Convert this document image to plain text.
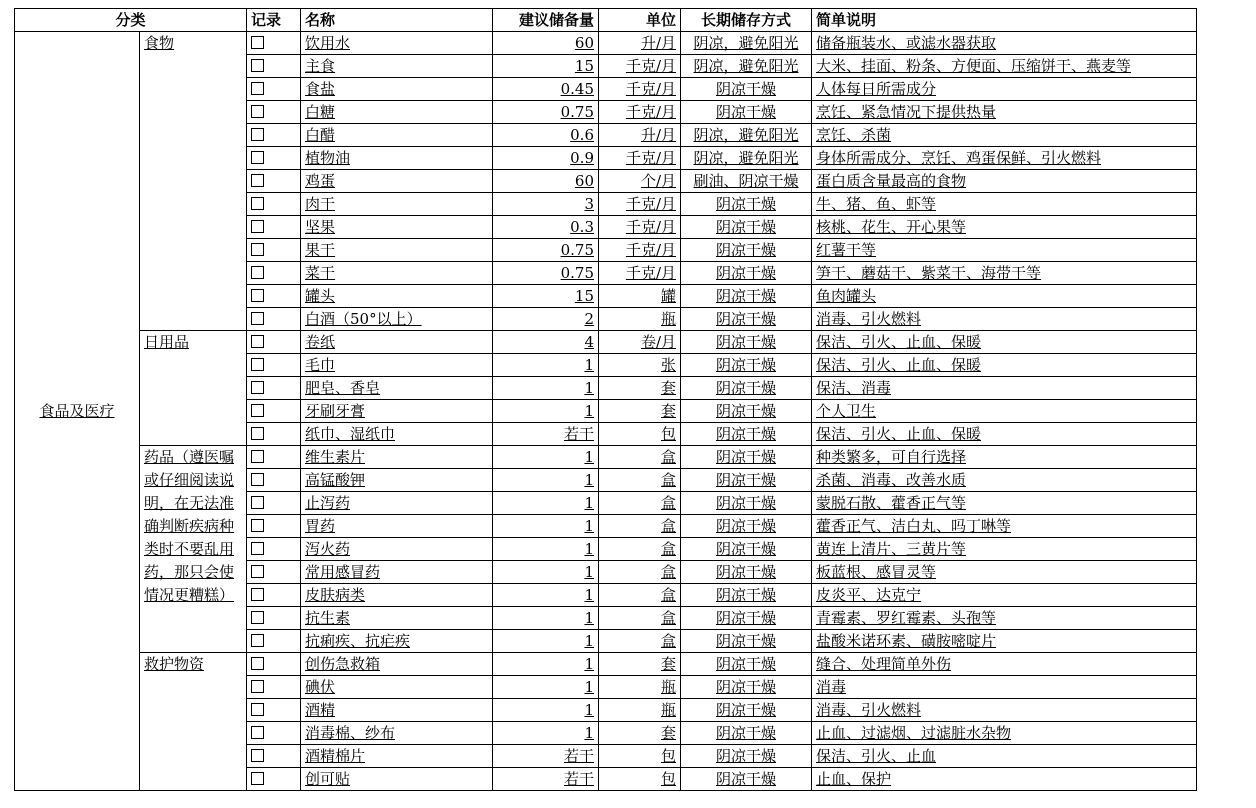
分类		记录	名称	建议储备量	单位	长期储存方式	简单说明
食品及医疗	食物		饮用水	60	升/月	阴凉，避免阳光	储备瓶装水、或滤水器获取
			主食	15	千克/月	阴凉，避免阳光	大米、挂面、粉条、方便面、压缩饼干、燕麦等
			食盐	0.45	千克/月	阴凉干燥	人体每日所需成分
			白糖	0.75	千克/月	阴凉干燥	烹饪、紧急情况下提供热量
			白醋	0.6	升/月	阴凉，避免阳光	烹饪、杀菌
			植物油	0.9	千克/月	阴凉，避免阳光	身体所需成分、烹饪、鸡蛋保鲜、引火燃料
			鸡蛋	60	个/月	刷油、阴凉干燥	蛋白质含量最高的食物
			肉干	3	千克/月	阴凉干燥	牛、猪、鱼、虾等
			坚果	0.3	千克/月	阴凉干燥	核桃、花生、开心果等
			果干	0.75	千克/月	阴凉干燥	红薯干等
			菜干	0.75	千克/月	阴凉干燥	笋干、蘑菇干、紫菜干、海带干等
			罐头	15	罐	阴凉干燥	鱼肉罐头
			白酒（50°以上）	2	瓶	阴凉干燥	消毒、引火燃料

	日用品		卷纸	4	卷/月	阴凉干燥	保洁、引火、止血、保暖
			毛巾	1	张	阴凉干燥	保洁、引火、止血、保暖
			肥皂、香皂	1	套	阴凉干燥	保洁、消毒
			牙刷牙膏	1	套	阴凉干燥	个人卫生
			纸巾、湿纸巾	若干	包	阴凉干燥	保洁、引火、止血、保暖

	药品（遵医嘱或仔细阅读说明，在无法准确判断疾病种类时不要乱用药，那只会使情况更糟糕）		维生素片	1	盒	阴凉干燥	种类繁多，可自行选择
			高锰酸钾	1	盒	阴凉干燥	杀菌、消毒、改善水质
			止泻药	1	盒	阴凉干燥	蒙脱石散、藿香正气等
			胃药	1	盒	阴凉干燥	藿香正气、洁白丸、吗丁啉等
			泻火药	1	盒	阴凉干燥	黄连上清片、三黄片等
			常用感冒药	1	盒	阴凉干燥	板蓝根、感冒灵等
			皮肤病类	1	盒	阴凉干燥	皮炎平、达克宁
			抗生素	1	盒	阴凉干燥	青霉素、罗红霉素、头孢等
			抗痢疾、抗疟疾	1	盒	阴凉干燥	盐酸米诺环素、磺胺嘧啶片

	救护物资		创伤急救箱	1	套	阴凉干燥	缝合、处理简单外伤
			碘伏	1	瓶	阴凉干燥	消毒
			酒精	1	瓶	阴凉干燥	消毒、引火燃料
			消毒棉、纱布	1	套	阴凉干燥	止血、过滤烟、过滤脏水杂物
			酒精棉片	若干	包	阴凉干燥	保洁、引火、止血
			创可贴	若干	包	阴凉干燥	止血、保护
